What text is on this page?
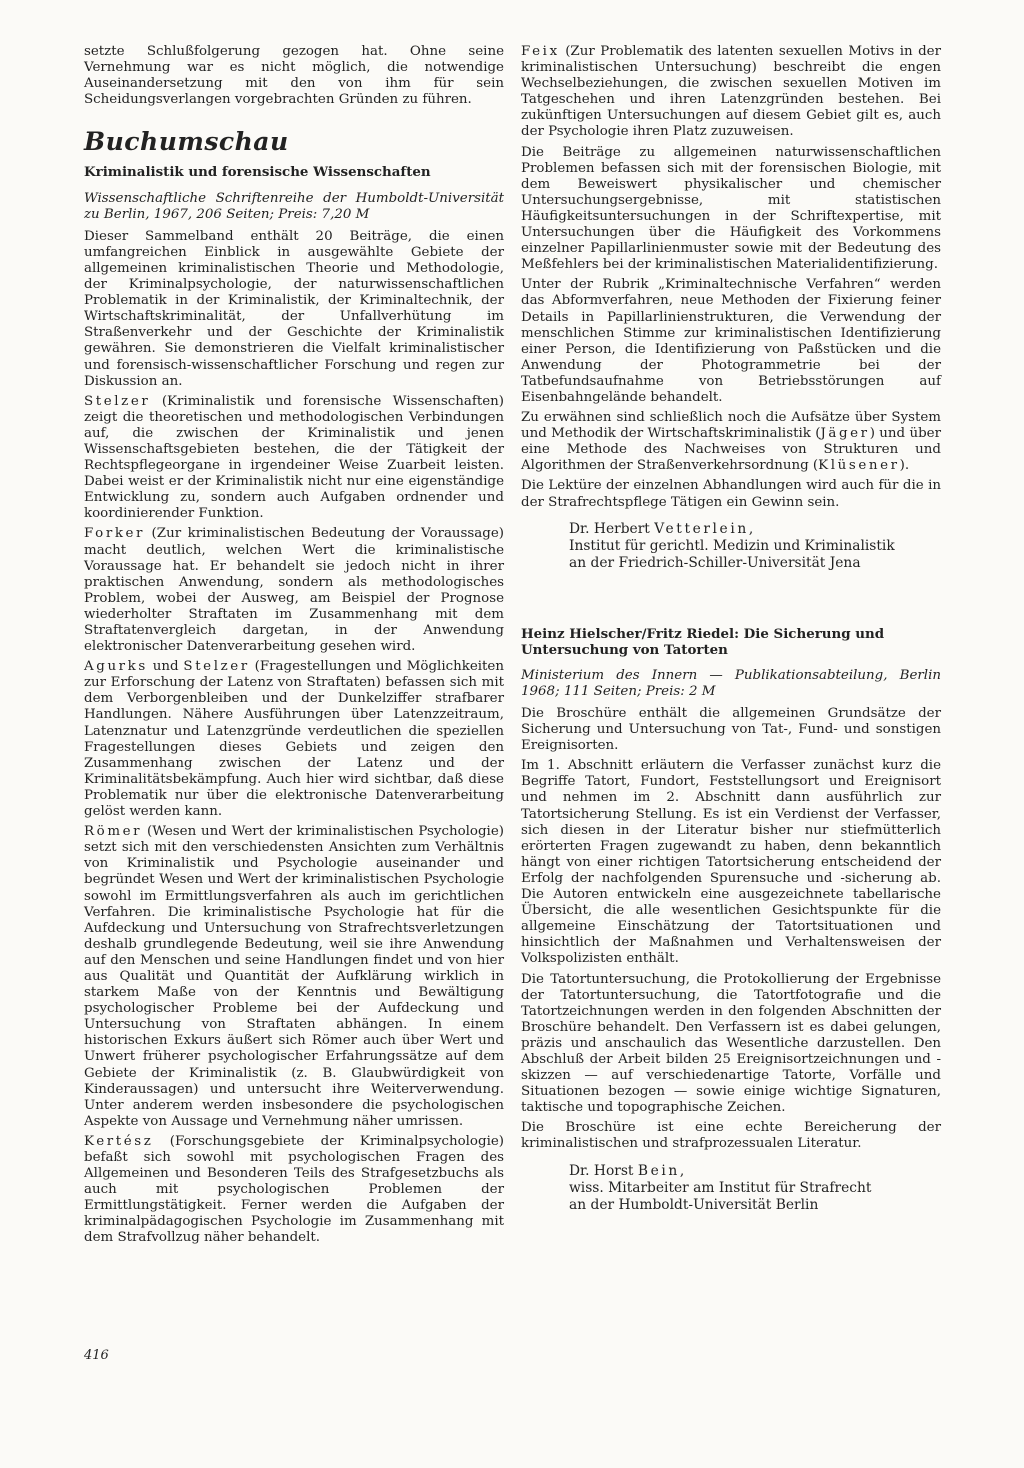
setzte Schlußfolgerung gezogen hat. Ohne seine Vernehmung war es nicht möglich, die notwendige Auseinandersetzung mit den von ihm für sein Scheidungsverlangen vorgebrachten Gründen zu führen.

Buchumschau
Kriminalistik und forensische Wissenschaften

Wissenschaftliche Schriftenreihe der Humboldt-Universität zu Berlin, 1967, 206 Seiten; Preis: 7,20 M

Dieser Sammelband enthält 20 Beiträge, die einen umfangreichen Einblick in ausgewählte Gebiete der allgemeinen kriminalistischen Theorie und Methodologie, der Kriminalpsychologie, der naturwissenschaftlichen Problematik in der Kriminalistik, der Kriminaltechnik, der Wirtschaftskriminalität, der Unfallverhütung im Straßenverkehr und der Geschichte der Kriminalistik gewähren. Sie demonstrieren die Vielfalt kriminalistischer und forensisch-wissenschaftlicher Forschung und regen zur Diskussion an.

Stelzer (Kriminalistik und forensische Wissenschaften) zeigt die theoretischen und methodologischen Verbindungen auf, die zwischen der Kriminalistik und jenen Wissenschaftsgebieten bestehen, die der Tätigkeit der Rechtspflegeorgane in irgendeiner Weise Zuarbeit leisten. Dabei weist er der Kriminalistik nicht nur eine eigenständige Entwicklung zu, sondern auch Aufgaben ordnender und koordinierender Funktion.

Forker (Zur kriminalistischen Bedeutung der Voraussage) macht deutlich, welchen Wert die kriminalistische Voraussage hat. Er behandelt sie jedoch nicht in ihrer praktischen Anwendung, sondern als methodologisches Problem, wobei der Ausweg, am Beispiel der Prognose wiederholter Straftaten im Zusammenhang mit dem Straftatenvergleich dargetan, in der Anwendung elektronischer Datenverarbeitung gesehen wird.

Agurks und Stelzer (Fragestellungen und Möglichkeiten zur Erforschung der Latenz von Straftaten) befassen sich mit dem Verborgenbleiben und der Dunkelziffer strafbarer Handlungen. Nähere Ausführungen über Latenzzeitraum, Latenznatur und Latenzgründe verdeutlichen die speziellen Fragestellungen dieses Gebiets und zeigen den Zusammenhang zwischen der Latenz und der Kriminalitätsbekämpfung. Auch hier wird sichtbar, daß diese Problematik nur über die elektronische Datenverarbeitung gelöst werden kann.

Römer (Wesen und Wert der kriminalistischen Psychologie) setzt sich mit den verschiedensten Ansichten zum Verhältnis von Kriminalistik und Psychologie auseinander und begründet Wesen und Wert der kriminalistischen Psychologie sowohl im Ermittlungsverfahren als auch im gerichtlichen Verfahren. Die kriminalistische Psychologie hat für die Aufdeckung und Untersuchung von Strafrechtsverletzungen deshalb grundlegende Bedeutung, weil sie ihre Anwendung auf den Menschen und seine Handlungen findet und von hier aus Qualität und Quantität der Aufklärung wirklich in starkem Maße von der Kenntnis und Bewältigung psychologischer Probleme bei der Aufdeckung und Untersuchung von Straftaten abhängen. In einem historischen Exkurs äußert sich Römer auch über Wert und Unwert früherer psychologischer Erfahrungssätze auf dem Gebiete der Kriminalistik (z. B. Glaubwürdigkeit von Kinderaussagen) und untersucht ihre Weiterverwendung. Unter anderem werden insbesondere die psychologischen Aspekte von Aussage und Vernehmung näher umrissen.

Kertész (Forschungsgebiete der Kriminalpsychologie) befaßt sich sowohl mit psychologischen Fragen des Allgemeinen und Besonderen Teils des Strafgesetzbuchs als auch mit psychologischen Problemen der Ermittlungstätigkeit. Ferner werden die Aufgaben der kriminalpädagogischen Psychologie im Zusammenhang mit dem Strafvollzug näher behandelt.

Feix (Zur Problematik des latenten sexuellen Motivs in der kriminalistischen Untersuchung) beschreibt die engen Wechselbeziehungen, die zwischen sexuellen Motiven im Tatgeschehen und ihren Latenzgründen bestehen. Bei zukünftigen Untersuchungen auf diesem Gebiet gilt es, auch der Psychologie ihren Platz zuzuweisen.

Die Beiträge zu allgemeinen naturwissenschaftlichen Problemen befassen sich mit der forensischen Biologie, mit dem Beweiswert physikalischer und chemischer Untersuchungsergebnisse, mit statistischen Häufigkeitsuntersuchungen in der Schriftexpertise, mit Untersuchungen über die Häufigkeit des Vorkommens einzelner Papillarlinienmuster sowie mit der Bedeutung des Meßfehlers bei der kriminalistischen Materialidentifizierung.

Unter der Rubrik „Kriminaltechnische Verfahren“ werden das Abformverfahren, neue Methoden der Fixierung feiner Details in Papillarlinienstrukturen, die Verwendung der menschlichen Stimme zur kriminalistischen Identifizierung einer Person, die Identifizierung von Paßstücken und die Anwendung der Photogrammetrie bei der Tatbefundsaufnahme von Betriebsstörungen auf Eisenbahngelände behandelt.

Zu erwähnen sind schließlich noch die Aufsätze über System und Methodik der Wirtschaftskriminalistik (Jäger) und über eine Methode des Nachweises von Strukturen und Algorithmen der Straßenverkehrsordnung (Klüsener).

Die Lektüre der einzelnen Abhandlungen wird auch für die in der Strafrechtspflege Tätigen ein Gewinn sein.

Dr. Herbert Vetterlein,
Institut für gerichtl. Medizin und Kriminalistik
an der Friedrich-Schiller-Universität Jena
Heinz Hielscher/Fritz Riedel: Die Sicherung und Untersuchung von Tatorten

Ministerium des Innern — Publikationsabteilung, Berlin 1968; 111 Seiten; Preis: 2 M

Die Broschüre enthält die allgemeinen Grundsätze der Sicherung und Untersuchung von Tat-, Fund- und sonstigen Ereignisorten.

Im 1. Abschnitt erläutern die Verfasser zunächst kurz die Begriffe Tatort, Fundort, Feststellungsort und Ereignisort und nehmen im 2. Abschnitt dann ausführlich zur Tatortsicherung Stellung. Es ist ein Verdienst der Verfasser, sich diesen in der Literatur bisher nur stiefmütterlich erörterten Fragen zugewandt zu haben, denn bekanntlich hängt von einer richtigen Tatortsicherung entscheidend der Erfolg der nachfolgenden Spurensuche und -sicherung ab. Die Autoren entwickeln eine ausgezeichnete tabellarische Übersicht, die alle wesentlichen Gesichtspunkte für die allgemeine Einschätzung der Tatortsituationen und hinsichtlich der Maßnahmen und Verhaltensweisen der Volkspolizisten enthält.

Die Tatortuntersuchung, die Protokollierung der Ergebnisse der Tatortuntersuchung, die Tatortfotografie und die Tatortzeichnungen werden in den folgenden Abschnitten der Broschüre behandelt. Den Verfassern ist es dabei gelungen, präzis und anschaulich das Wesentliche darzustellen. Den Abschluß der Arbeit bilden 25 Ereignisortzeichnungen und -skizzen — auf verschiedenartige Tatorte, Vorfälle und Situationen bezogen — sowie einige wichtige Signaturen, taktische und topographische Zeichen.

Die Broschüre ist eine echte Bereicherung der kriminalistischen und strafprozessualen Literatur.

Dr. Horst Bein,
wiss. Mitarbeiter am Institut für Strafrecht
an der Humboldt-Universität Berlin
416
